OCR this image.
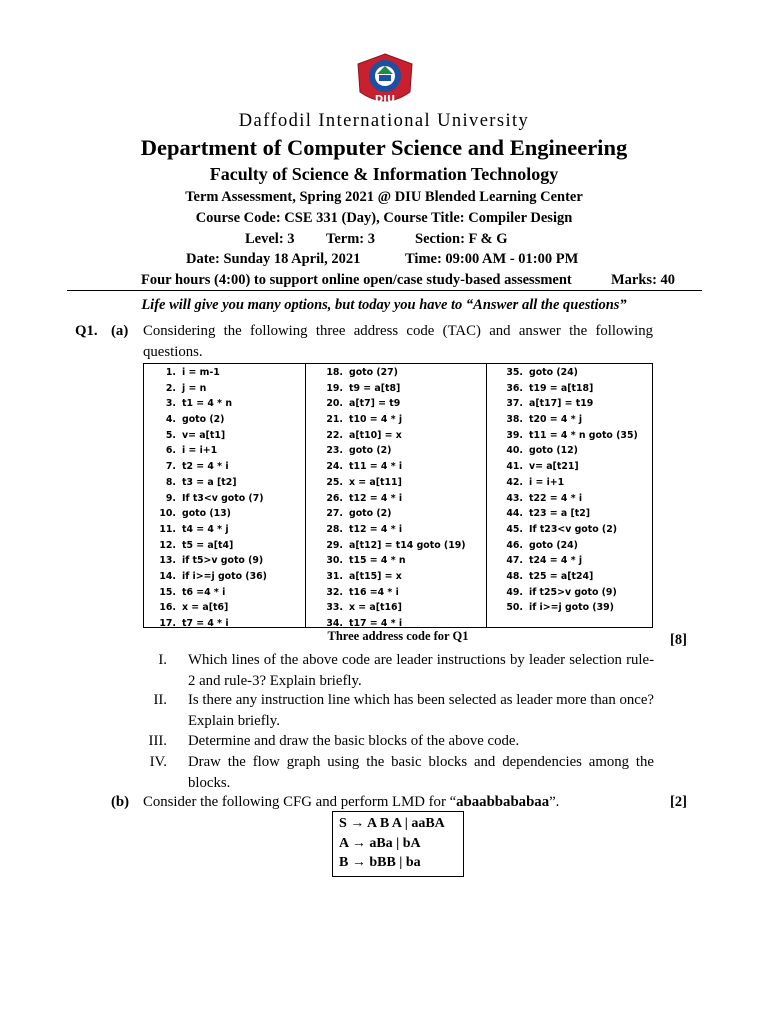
DIU
Daffodil International University
Department of Computer Science and Engineering
Faculty of Science & Information Technology
Term Assessment, Spring 2021 @ DIU Blended Learning Center
Course Code: CSE 331 (Day), Course Title: Compiler Design
Level: 3 Term: 3	Section: F & G
Date: Sunday 18 April, 2021	Time: 09:00 AM - 01:00 PM
Four hours (4:00) to support online open/case study-based assessment	Marks: 40
Life will give you many options, but today you have to “Answer all the questions”
Q1. (a) Considering the following three address code (TAC) and answer the following
questions.
1. i = m-1
2. j = n
3. t1 = 4 * n
4. goto (2)
5. v= a[t1]
6. i = i+1
7. t2 = 4 * i
8. t3 = a [t2]
9. If t3<v goto (7)
10. goto (13)
11. t4 = 4 * j
12. t5 = a[t4]
13. if t5>v goto (9)
14. if i>=j goto (36)
15. t6 =4 * i
16. x = a[t6]
17. t7 = 4 * i
18. goto (27)
19. t9 = a[t8]
20. a[t7] = t9
21. t10 = 4 * j
22. a[t10] = x
23. goto (2)
24. t11 = 4 * i
25. x = a[t11]
26. t12 = 4 * i
27. goto (2)
28. t12 = 4 * i
29. a[t12] = t14 goto (19)
30. t15 = 4 * n
31. a[t15] = x
32. t16 =4 * i
33. x = a[t16]
34. t17 = 4 * i
35. goto (24)
36. t19 = a[t18]
37. a[t17] = t19
38. t20 = 4 * j
39. t11 = 4 * n goto (35)
40. goto (12)
41. v= a[t21]
42. i = i+1
43. t22 = 4 * i
44. t23 = a [t2]
45. If t23<v goto (2)
46. goto (24)
47. t24 = 4 * j
48. t25 = a[t24]
49. if t25>v goto (9)
50. if i>=j goto (39)
Three address code for Q1	[8]
I. Which lines of the above code are leader instructions by leader selection rule-
2 and rule-3? Explain briefly.
II. Is there any instruction line which has been selected as leader more than once?
Explain briefly.
III. Determine and draw the basic blocks of the above code.
IV. Draw the flow graph using the basic blocks and dependencies among the
blocks.
(b) Consider the following CFG and perform LMD for “abaabbababaa”.	[2]
S → A B A | aaBA
A → aBa | bA
B → bBB | ba
